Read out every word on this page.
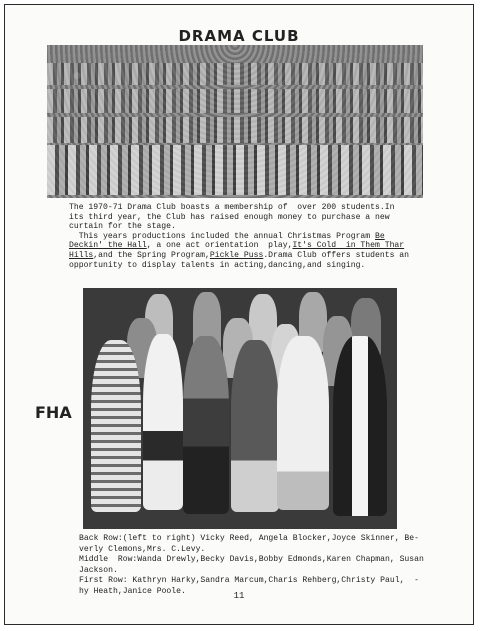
DRAMA CLUB
The 1970-71 Drama Club boasts a membership of  over 200 students.In
its third year, the Club has raised enough money to purchase a new
curtain for the stage.
This years productions included the annual Christmas Program Be
Deckin' the Hall, a one act orientation  play,It's Cold  in Them Thar
Hills,and the Spring Program,Pickle Puss.Drama Club offers students an
opportunity to display talents in acting,dancing,and singing.
FHA
Back Row:(left to right) Vicky Reed, Angela Blocker,Joyce Skinner, Be-
verly Clemons,Mrs. C.Levy.
Middle  Row:Wanda Drewly,Becky Davis,Bobby Edmonds,Karen Chapman, Susan
Jackson.
First Row: Kathryn Harky,Sandra Marcum,Charis Rehberg,Christy Paul,  -
hy Heath,Janice Poole.	11
